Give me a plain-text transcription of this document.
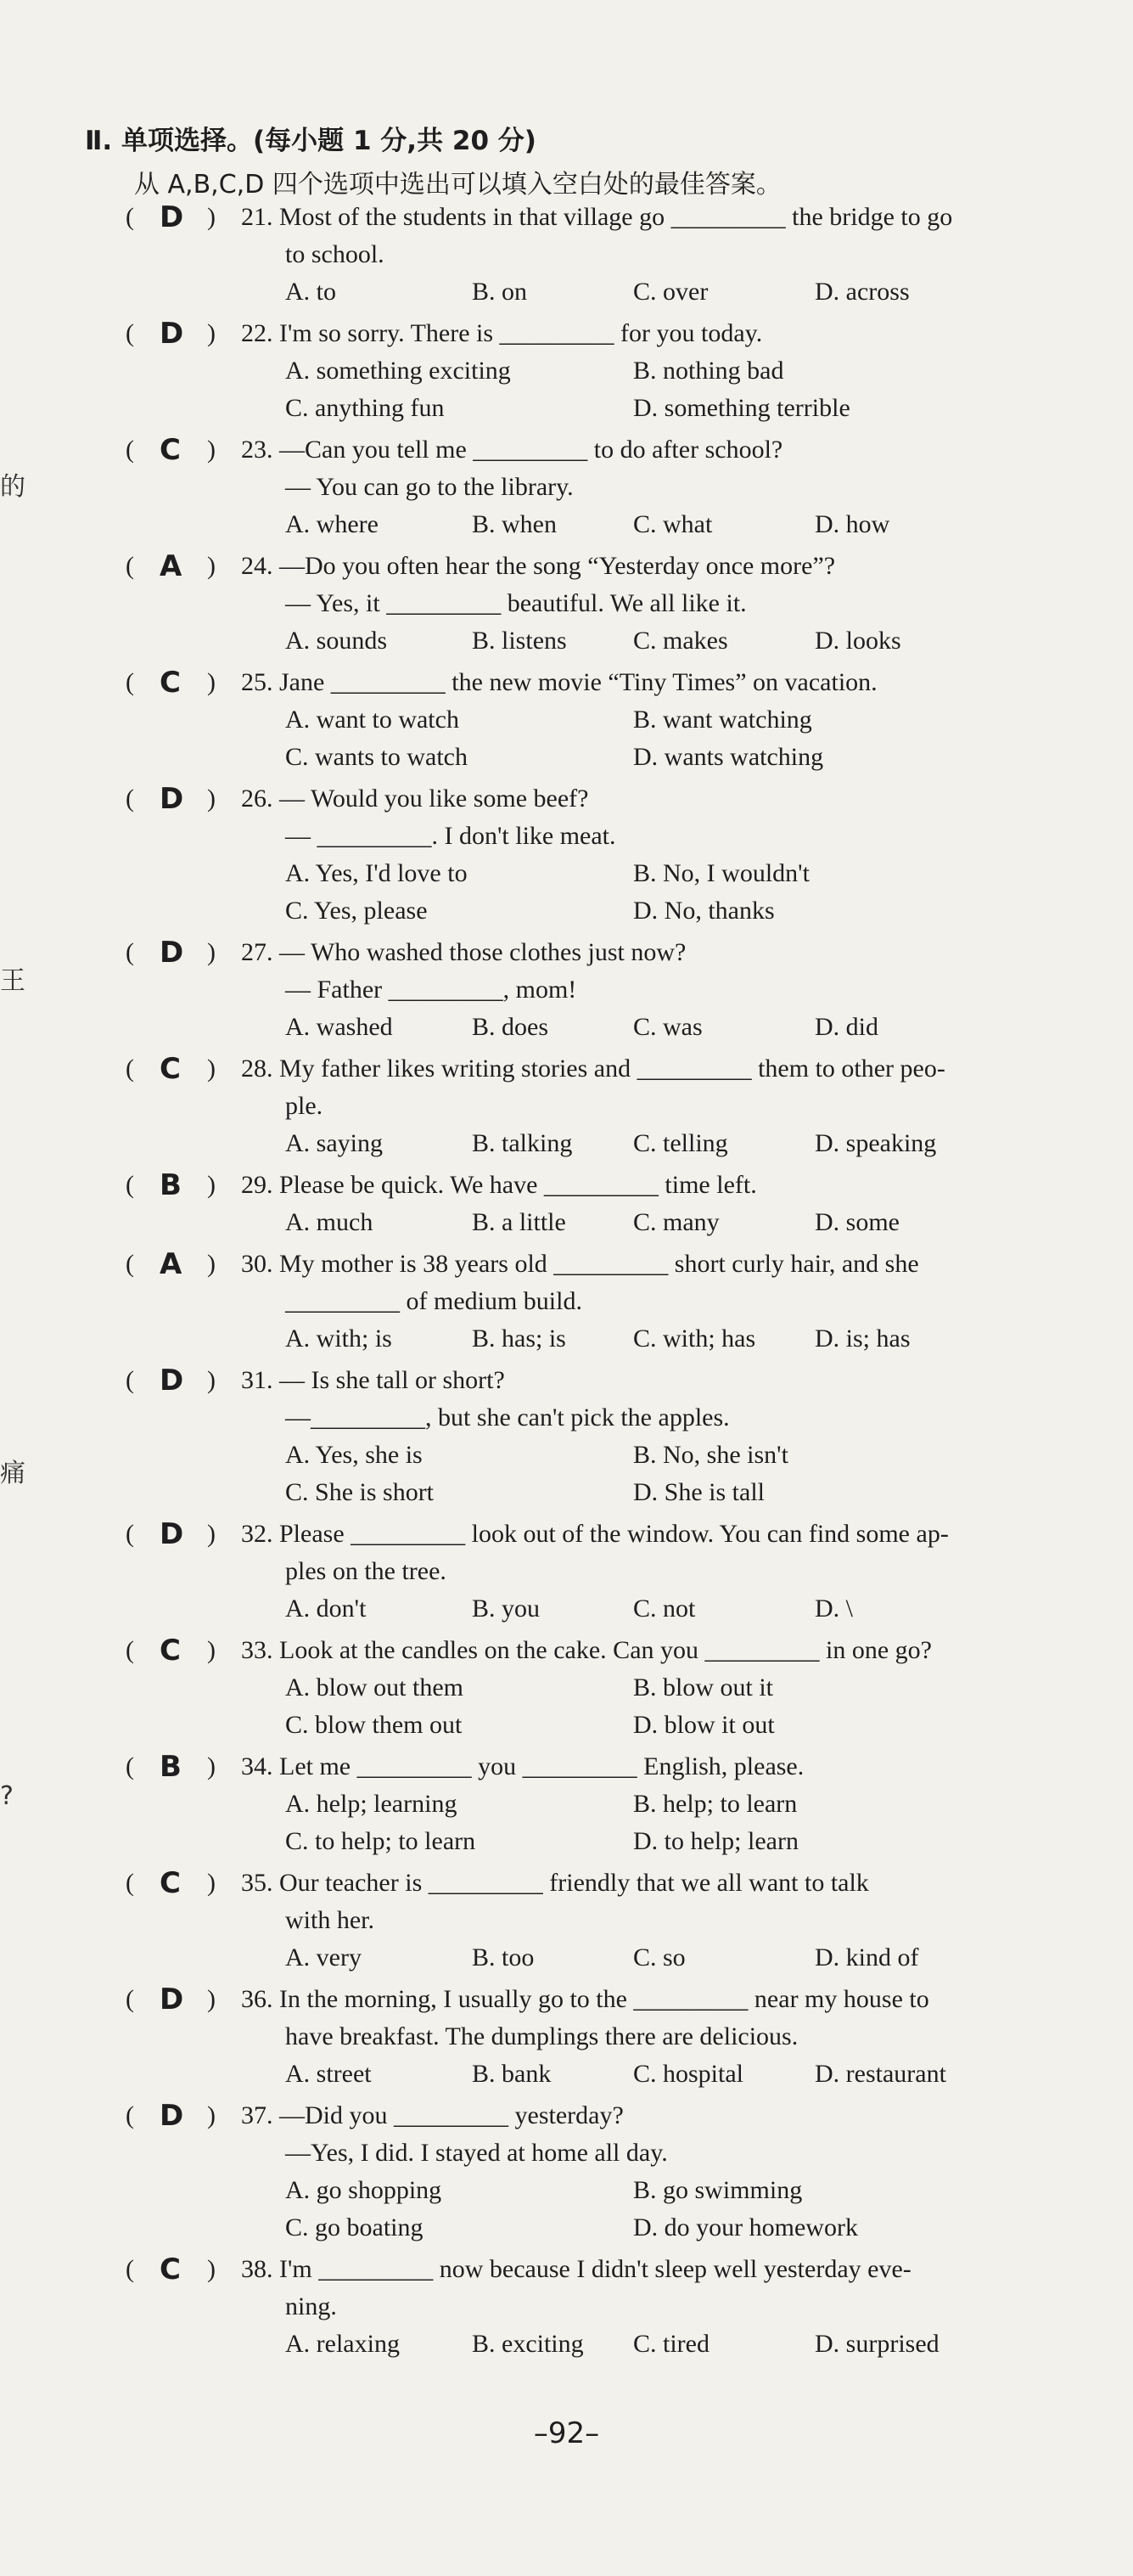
Ⅱ. 单项选择。(每小题 1 分,共 20 分)
从 A,B,C,D 四个选项中选出可以填入空白处的最佳答案。
的
王
痛
?
( D ) 21. Most of the students in that village go _________ the bridge to go
to school.
A. to	B. on	C. over	D. across
( D ) 22. I'm so sorry. There is _________ for you today.
A. something exciting	B. nothing bad
C. anything fun	D. something terrible
( C ) 23. —Can you tell me _________ to do after school?
— You can go to the library.
A. where	B. when	C. what	D. how
( A ) 24. —Do you often hear the song “Yesterday once more”?
— Yes, it _________ beautiful. We all like it.
A. sounds	B. listens	C. makes	D. looks
( C ) 25. Jane _________ the new movie “Tiny Times” on vacation.
A. want to watch	B. want watching
C. wants to watch	D. wants watching
( D ) 26. — Would you like some beef?
— _________. I don't like meat.
A. Yes, I'd love to	B. No, I wouldn't
C. Yes, please	D. No, thanks
( D ) 27. — Who washed those clothes just now?
— Father _________, mom!
A. washed	B. does	C. was	D. did
( C ) 28. My father likes writing stories and _________ them to other peo-
ple.
A. saying	B. talking C. telling	D. speaking
( B ) 29. Please be quick. We have _________ time left.
A. much	B. a little	C. many	D. some
( A ) 30. My mother is 38 years old _________ short curly hair, and she
_________ of medium build.
A. with; is	B. has; is	C. with; has D. is; has
( D ) 31. — Is she tall or short?
—_________, but she can't pick the apples.
A. Yes, she is	B. No, she isn't
C. She is short	D. She is tall
( D ) 32. Please _________ look out of the window. You can find some ap-
ples on the tree.
A. don't	B. you	C. not	D. \
( C ) 33. Look at the candles on the cake. Can you _________ in one go?
A. blow out them	B. blow out it
C. blow them out	D. blow it out
( B ) 34. Let me _________ you _________ English, please.
A. help; learning	B. help; to learn
C. to help; to learn	D. to help; learn
( C ) 35. Our teacher is _________ friendly that we all want to talk
with her.
A. very	B. too	C. so	D. kind of
( D ) 36. In the morning, I usually go to the _________ near my house to
have breakfast. The dumplings there are delicious.
A. street	B. bank	C. hospital	D. restaurant
( D ) 37. —Did you _________ yesterday?
—Yes, I did. I stayed at home all day.
A. go shopping	B. go swimming
C. go boating	D. do your homework
( C ) 38. I'm _________ now because I didn't sleep well yesterday eve-
ning.
A. relaxing	B. exciting C. tired	D. surprised
–92–
